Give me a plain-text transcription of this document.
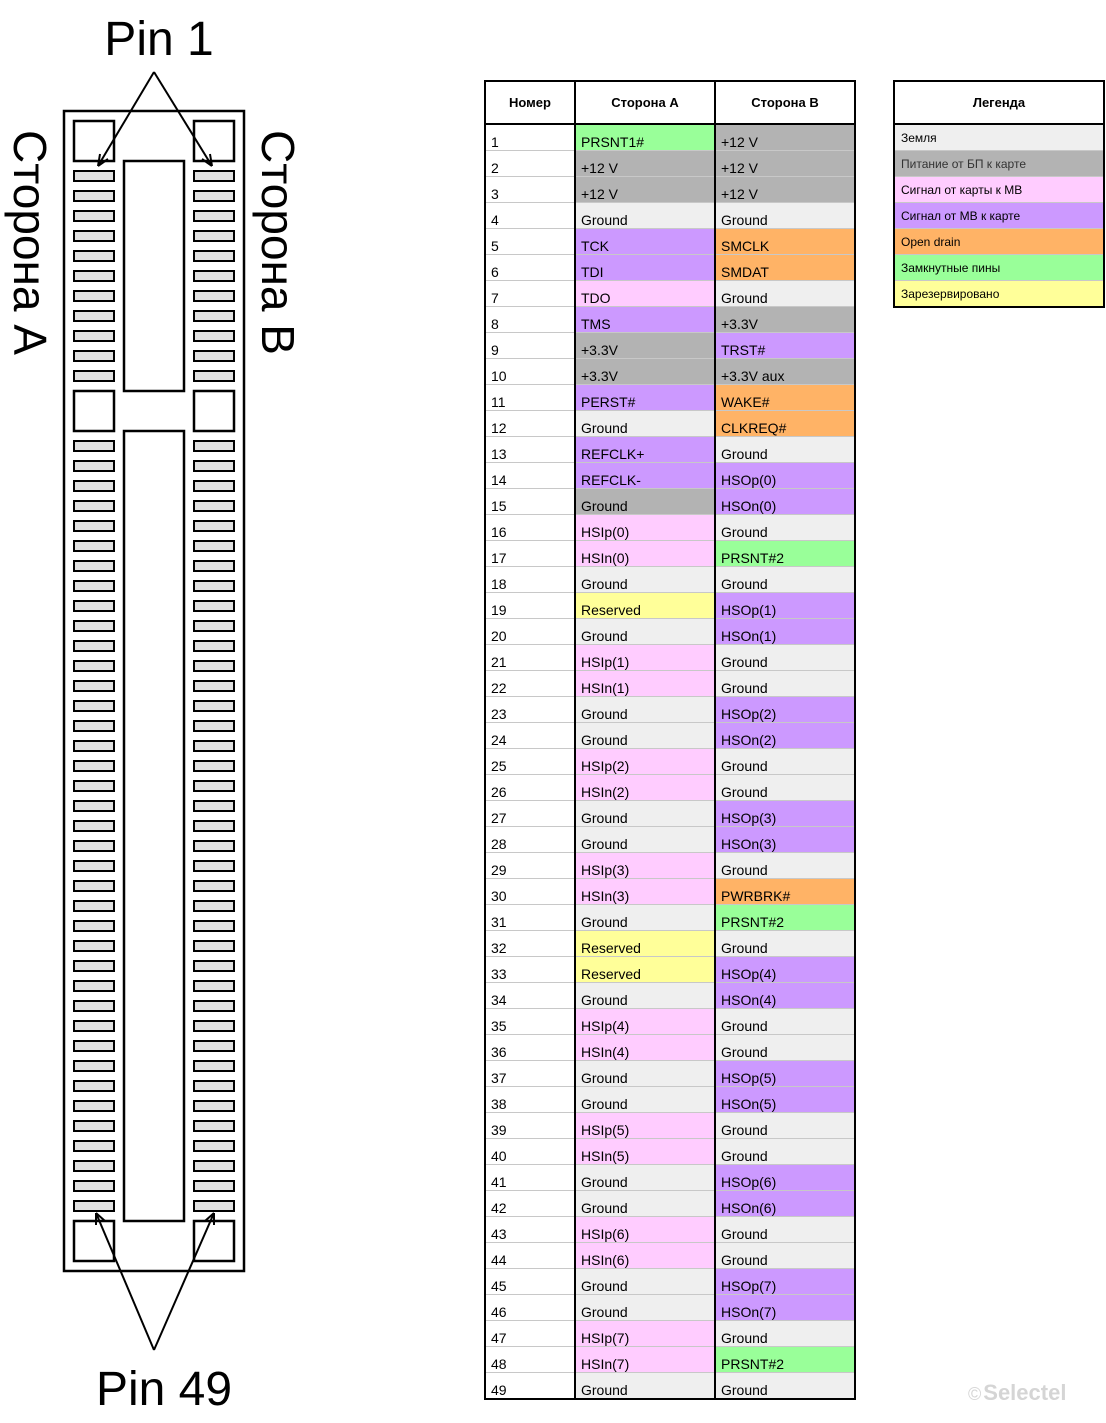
Pin 1
Pin 49
Сторона A	Сторона B
Номер	Сторона A	Сторона B
1	PRSNT1#	+12 V
2	+12 V	+12 V
3	+12 V	+12 V
4	Ground	Ground
5	TCK	SMCLK
6	TDI	SMDAT
7	TDO	Ground
8	TMS	+3.3V
9	+3.3V	TRST#
10	+3.3V	+3.3V aux
11	PERST#	WAKE#
12	Ground	CLKREQ#
13	REFCLK+	Ground
14	REFCLK-	HSOp(0)
15	Ground	HSOn(0)
16	HSIp(0)	Ground
17	HSIn(0)	PRSNT#2
18	Ground	Ground
19	Reserved	HSOp(1)
20	Ground	HSOn(1)
21	HSIp(1)	Ground
22	HSIn(1)	Ground
23	Ground	HSOp(2)
24	Ground	HSOn(2)
25	HSIp(2)	Ground
26	HSIn(2)	Ground
27	Ground	HSOp(3)
28	Ground	HSOn(3)
29	HSIp(3)	Ground
30	HSIn(3)	PWRBRK#
31	Ground	PRSNT#2
32	Reserved	Ground
33	Reserved	HSOp(4)
34	Ground	HSOn(4)
35	HSIp(4)	Ground
36	HSIn(4)	Ground
37	Ground	HSOp(5)
38	Ground	HSOn(5)
39	HSIp(5)	Ground
40	HSIn(5)	Ground
41	Ground	HSOp(6)
42	Ground	HSOn(6)
43	HSIp(6)	Ground
44	HSIn(6)	Ground
45	Ground	HSOp(7)
46	Ground	HSOn(7)
47	HSIp(7)	Ground
48	HSIn(7)	PRSNT#2
49	Ground	Ground
Легенда
Земля
Питание от БП к карте
Сигнал от карты к MB
Сигнал от MB к карте
Open drain
Замкнутные пины
Зарезервировано
©Selectel
